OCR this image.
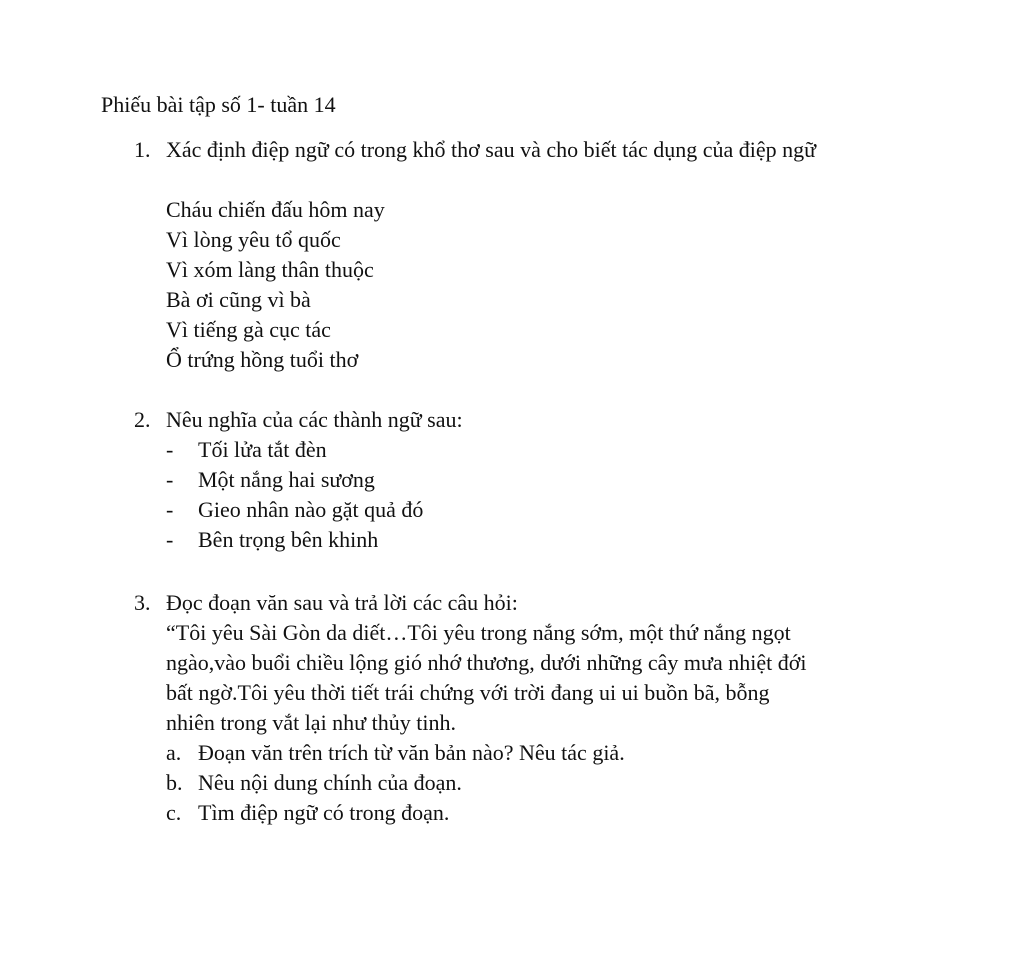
Phiếu bài tập số 1- tuần 14
1. Xác định điệp ngữ có trong khổ thơ sau và cho biết tác dụng của điệp ngữ
Cháu chiến đấu hôm nay
Vì lòng yêu tổ quốc
Vì xóm làng thân thuộc
Bà ơi cũng vì bà
Vì tiếng gà cục tác
Ổ trứng hồng tuổi thơ
2. Nêu nghĩa của các thành ngữ sau:
- Tối lửa tắt đèn
- Một nắng hai sương
- Gieo nhân nào gặt quả đó
- Bên trọng bên khinh
3. Đọc đoạn văn sau và trả lời các câu hỏi:
“Tôi yêu Sài Gòn da diết…Tôi yêu trong nắng sớm, một thứ nắng ngọt
ngào,vào buổi chiều lộng gió nhớ thương, dưới những cây mưa nhiệt đới
bất ngờ.Tôi yêu thời tiết trái chứng với trời đang ui ui buồn bã, bỗng
nhiên trong vắt lại như thủy tinh.
a. Đoạn văn trên trích từ văn bản nào? Nêu tác giả.
b. Nêu nội dung chính của đoạn.
c. Tìm điệp ngữ có trong đoạn.
